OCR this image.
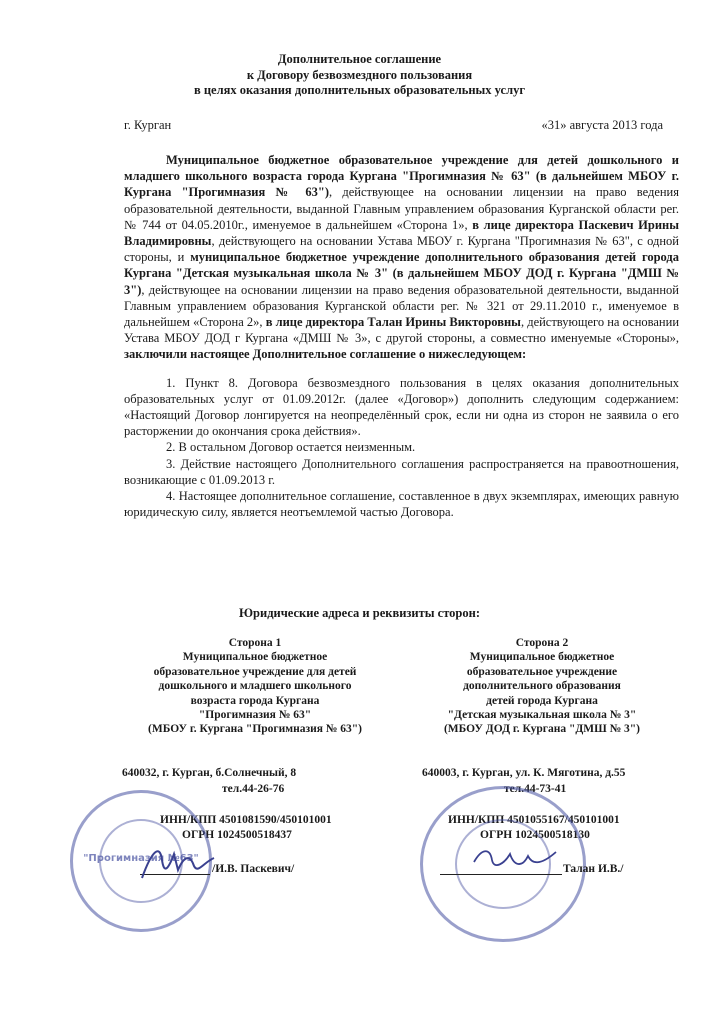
Дополнительное соглашение
к Договору безвозмездного пользования
в целях оказания дополнительных образовательных услуг
г. Курган	«31» августа 2013 года

Муниципальное бюджетное образовательное учреждение для детей дошкольного и младшего школьного возраста города Кургана "Прогимназия № 63" (в дальнейшем МБОУ г. Кургана "Прогимназия № 63"), действующее на основании лицензии на право ведения образовательной деятельности, выданной Главным управлением образования Курганской области рег.№ 744 от 04.05.2010г., именуемое в дальнейшем «Сторона 1», в лице директора Паскевич Ирины Владимировны, действующего на основании Устава МБОУ г. Кургана "Прогимназия № 63", с одной стороны, и муниципальное бюджетное учреждение дополнительного образования детей города Кургана "Детская музыкальная школа № 3" (в дальнейшем МБОУ ДОД г. Кургана "ДМШ № 3"), действующее на основании лицензии на право ведения образовательной деятельности, выданной Главным управлением образования Курганской области рег. № 321 от 29.11.2010 г., именуемое в дальнейшем «Сторона 2», в лице директора Талан Ирины Викторовны, действующего на основании Устава МБОУ ДОД г Кургана «ДМШ № 3», с другой стороны, а совместно именуемые «Стороны», заключили настоящее Дополнительное соглашение о нижеследующем:

1. Пункт 8. Договора безвозмездного пользования в целях оказания дополнительных образовательных услуг от 01.09.2012г. (далее «Договор») дополнить следующим содержанием: «Настоящий Договор лонгируется на неопределённый срок, если ни одна из сторон не заявила о его расторжении до окончания срока действия».

2. В остальном Договор остается неизменным.

3. Действие настоящего Дополнительного соглашения распространяется на правоотношения, возникающие с 01.09.2013 г.

4. Настоящее дополнительное соглашение, составленное в двух экземплярах, имеющих равную юридическую силу, является неотъемлемой частью Договора.

Юридические адреса и реквизиты сторон:
Сторона 1
Муниципальное бюджетное
образовательное учреждение для детей
дошкольного и младшего школьного
возраста города Кургана
"Прогимназия № 63"
(МБОУ г. Кургана "Прогимназия № 63")
Сторона 2
Муниципальное бюджетное
образовательное учреждение
дополнительного образования
детей города Кургана
"Детская музыкальная школа № 3"
(МБОУ ДОД г. Кургана "ДМШ № 3")
640032, г. Курган, б.Солнечный, 8
тел.44-26-76
ИНН/КПП 4501081590/450101001
ОГРН 1024500518437
640003, г. Курган, ул. К. Мяготина, д.55
тел.44-73-41
ИНН/КПП 4501055167/450101001
ОГРН 1024500518130
"Прогимназия №63"
/И.В. Паскевич/	Талан И.В./
